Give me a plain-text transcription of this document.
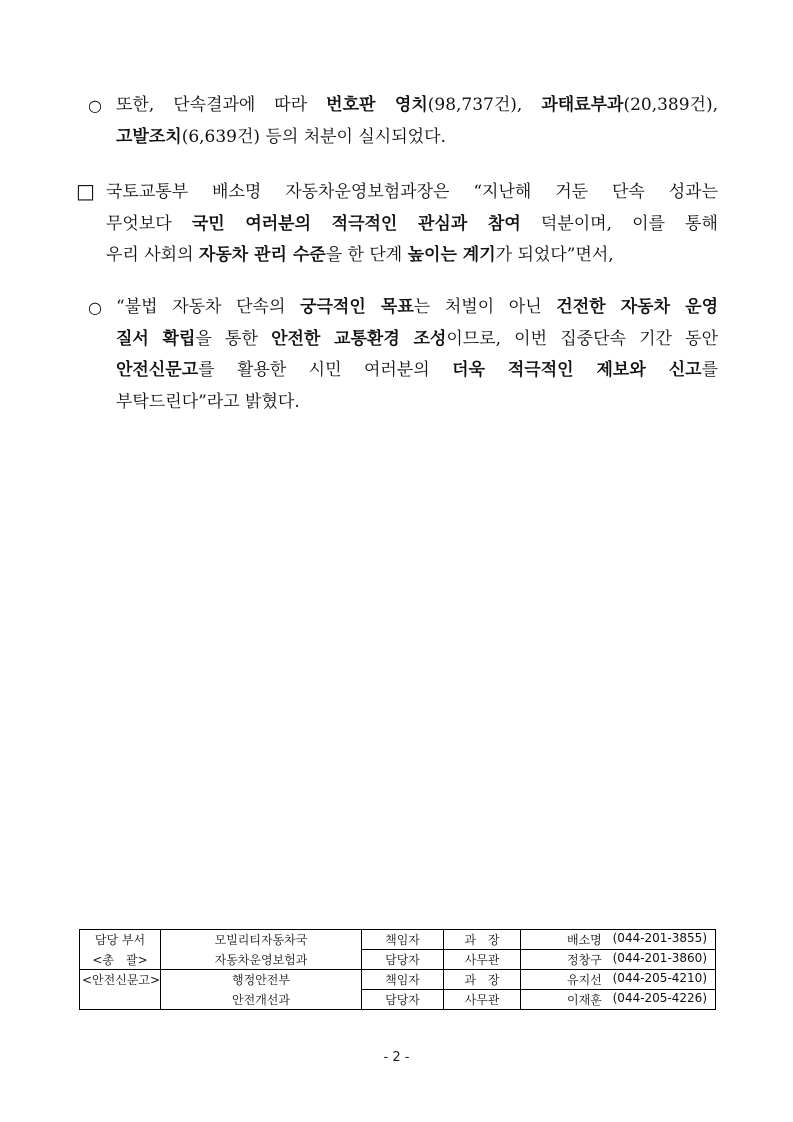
○ 또한, 단속결과에 따라 번호판 영치(98,737건), 과태료부과(20,389건),
고발조치(6,639건) 등의 처분이 실시되었다.
□ 국토교통부 배소명 자동차운영보험과장은 “지난해 거둔 단속 성과는
무엇보다 국민 여러분의 적극적인 관심과 참여 덕분이며, 이를 통해
우리 사회의 자동차 관리 수준을 한 단계 높이는 계기가 되었다”면서,
○ “불법 자동차 단속의 궁극적인 목표는 처벌이 아닌 건전한 자동차 운영
질서 확립을 통한 안전한 교통환경 조성이므로, 이번 집중단속 기간 동안
안전신문고를 활용한 시민 여러분의 더욱 적극적인 제보와 신고를
부탁드린다”라고 밝혔다.
담당 부서	모빌리티자동차국	책임자	과　장	배소명 (044-201-3855)

<총　괄>	자동차운영보험과	담당자	사무관	정창구 (044-201-3860)

<안전신문고>	행정안전부	책임자	과　장	유지선 (044-205-4210)

	안전개선과	담당자	사무관	이재훈 (044-205-4226)
- 2 -
